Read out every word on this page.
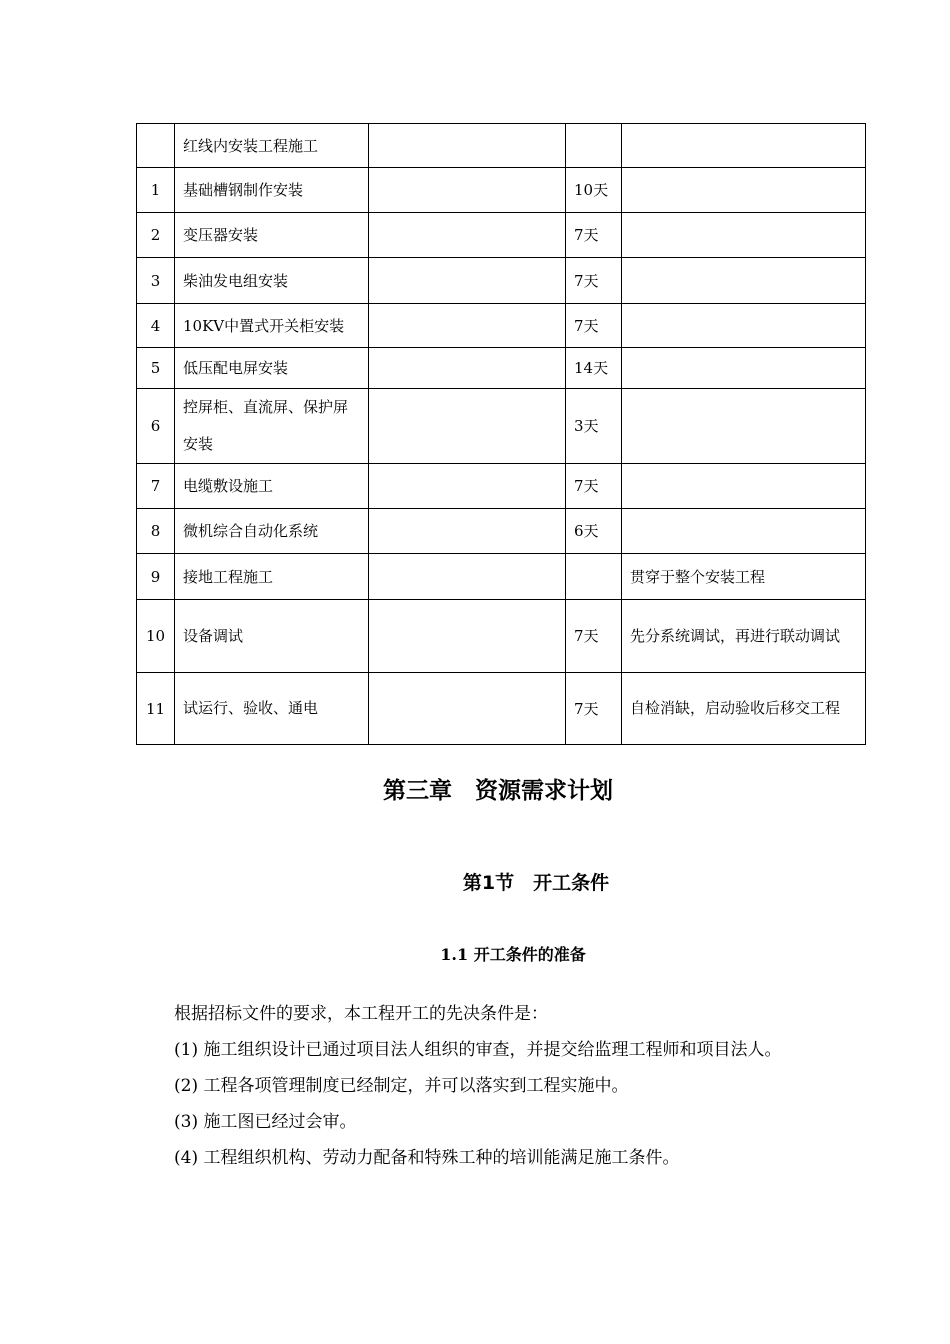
	红线内安装工程施工			
1	基础槽钢制作安装		10天	
2	变压器安装		7天	
3	柴油发电组安装		7天	
4	10KV中置式开关柜安装		7天	
5	低压配电屏安装		14天	
6	控屏柜、直流屏、保护屏安装		3天	
7	电缆敷设施工		7天	
8	微机综合自动化系统		6天	
9	接地工程施工			贯穿于整个安装工程
10	设备调试		7天	先分系统调试，再进行联动调试
11	试运行、验收、通电		7天	自检消缺，启动验收后移交工程
第三章　资源需求计划
第1节　开工条件
1.1 开工条件的准备

根据招标文件的要求，本工程开工的先决条件是：

(1) 施工组织设计已通过项目法人组织的审查，并提交给监理工程师和项目法人。

(2) 工程各项管理制度已经制定，并可以落实到工程实施中。

(3) 施工图已经过会审。

(4) 工程组织机构、劳动力配备和特殊工种的培训能满足施工条件。
